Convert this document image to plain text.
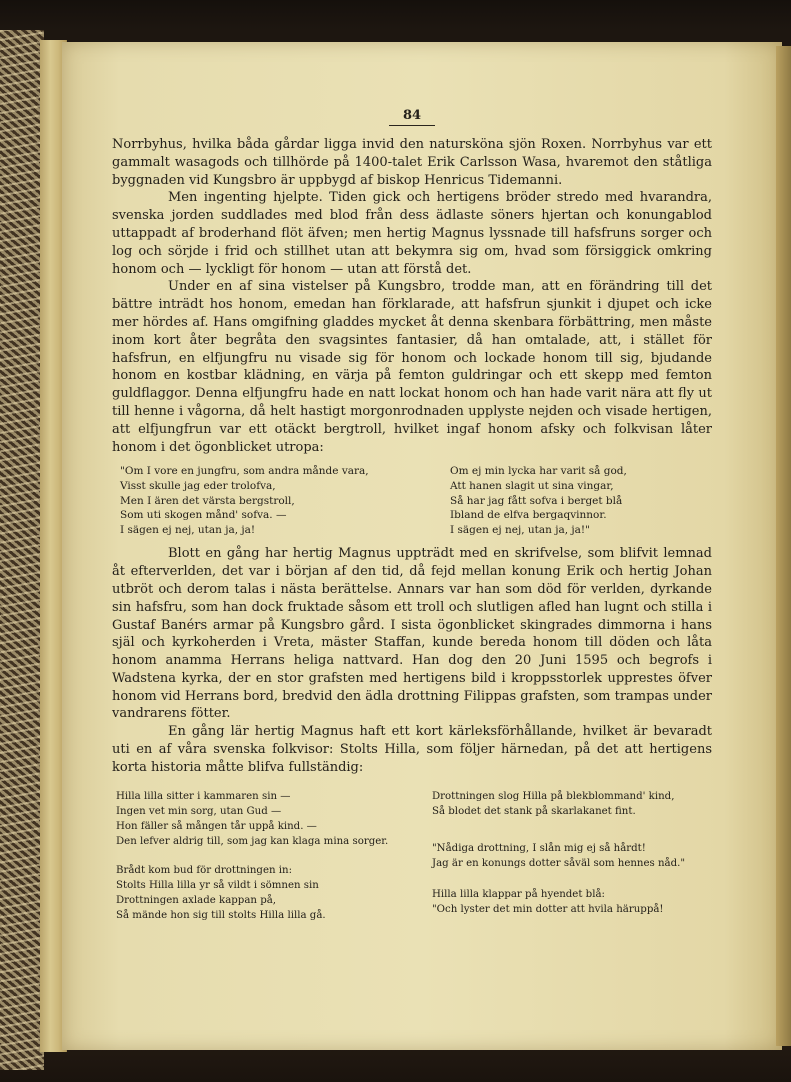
84

Norrbyhus, hvilka båda gårdar ligga invid den natursköna sjön Roxen. Norrbyhus var ett gammalt wasagods och tillhörde på 1400-talet Erik Carlsson Wasa, hvaremot den ståtliga byggnaden vid Kungsbro är uppbygd af biskop Henricus Tidemanni.

Men ingenting hjelpte. Tiden gick och hertigens bröder stredo med hvarandra, svenska jorden suddlades med blod från dess ädlaste söners hjertan och konungablod uttappadt af broderhand flöt äfven; men hertig Magnus lyssnade till hafsfruns sorger och log och sörjde i frid och stillhet utan att bekymra sig om, hvad som försiggick omkring honom och — lyckligt för honom — utan att förstå det.

Under en af sina vistelser på Kungsbro, trodde man, att en förändring till det bättre inträdt hos honom, emedan han förklarade, att hafsfrun sjunkit i djupet och icke mer hördes af. Hans omgifning gladdes mycket åt denna skenbara förbättring, men måste inom kort åter begråta den svagsintes fantasier, då han omtalade, att, i stället för hafsfrun, en elfjungfru nu visade sig för honom och lockade honom till sig, bjudande honom en kostbar klädning, en värja på femton guldringar och ett skepp med femton guldflaggor. Denna elfjungfru hade en natt lockat honom och han hade varit nära att fly ut till henne i vågorna, då helt hastigt morgonrodnaden upplyste nejden och visade hertigen, att elfjungfrun var ett otäckt bergtroll, hvilket ingaf honom afsky och folkvisan låter honom i det ögonblicket utropa:

"Om I vore en jungfru, som andra månde vara,
Visst skulle jag eder trolofva,
Men I ären det värsta bergstroll,
Som uti skogen månd' sofva. —
I sägen ej nej, utan ja, ja!
Om ej min lycka har varit så god,
Att hanen slagit ut sina vingar,
Så har jag fått sofva i berget blå
Ibland de elfva bergaqvinnor.
I sägen ej nej, utan ja, ja!"

Blott en gång har hertig Magnus uppträdt med en skrifvelse, som blifvit lemnad åt efterverlden, det var i början af den tid, då fejd mellan konung Erik och hertig Johan utbröt och derom talas i nästa berättelse. Annars var han som död för verlden, dyrkande sin hafsfru, som han dock fruktade såsom ett troll och slutligen afled han lugnt och stilla i Gustaf Banérs armar på Kungsbro gård. I sista ögonblicket skingrades dimmorna i hans själ och kyrkoherden i Vreta, mäster Staffan, kunde bereda honom till döden och låta honom anamma Herrans heliga nattvard. Han dog den 20 Juni 1595 och begrofs i Wadstena kyrka, der en stor grafsten med hertigens bild i kroppsstorlek upprestes öfver honom vid Herrans bord, bredvid den ädla drottning Filippas grafsten, som trampas under vandrarens fötter.

En gång lär hertig Magnus haft ett kort kärleksförhållande, hvilket är bevaradt uti en af våra svenska folkvisor: Stolts Hilla, som följer härnedan, på det att hertigens korta historia måtte blifva fullständig:

Hilla lilla sitter i kammaren sin —
Ingen vet min sorg, utan Gud —
Hon fäller så mången tår uppå kind. —
Den lefver aldrig till, som jag kan klaga mina sorger.
Brådt kom bud för drottningen in:
Stolts Hilla lilla yr så vildt i sömnen sin
Drottningen axlade kappan på,
Så mände hon sig till stolts Hilla lilla gå.
Drottningen slog Hilla på blekblommand' kind,
Så blodet det stank på skarlakanet fint.
"Nådiga drottning, I slån mig ej så hårdt!
Jag är en konungs dotter såväl som hennes nåd."
Hilla lilla klappar på hyendet blå:
"Och lyster det min dotter att hvila häruppå!
